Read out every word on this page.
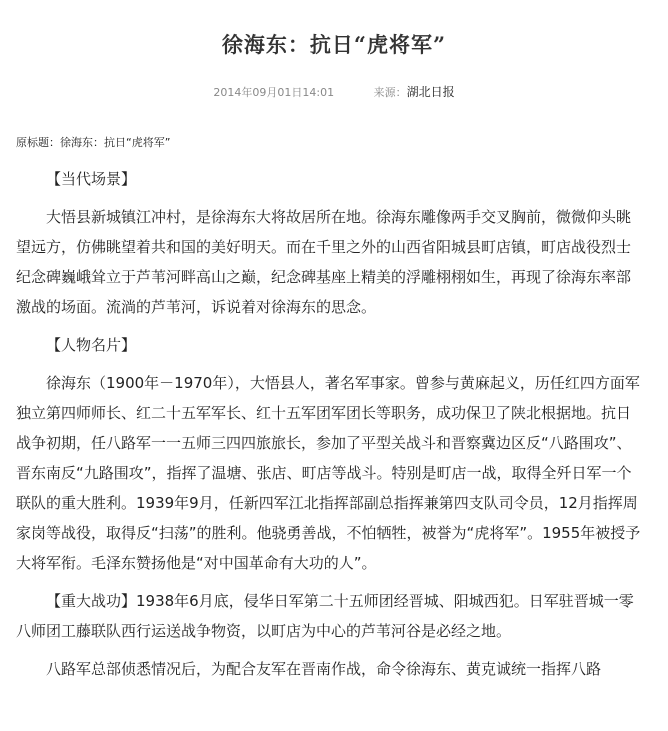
徐海东：抗日“虎将军”
2014年09月01日14:01	来源：湖北日报
原标题：徐海东：抗日“虎将军”

【当代场景】

大悟县新城镇江冲村，是徐海东大将故居所在地。徐海东雕像两手交叉胸前，微微仰头眺望远方，仿佛眺望着共和国的美好明天。而在千里之外的山西省阳城县町店镇，町店战役烈士纪念碑巍峨耸立于芦苇河畔高山之巅，纪念碑基座上精美的浮雕栩栩如生，再现了徐海东率部激战的场面。流淌的芦苇河，诉说着对徐海东的思念。

【人物名片】

徐海东（1900年－1970年），大悟县人，著名军事家。曾参与黄麻起义，历任红四方面军独立第四师师长、红二十五军军长、红十五军团军团长等职务，成功保卫了陕北根据地。抗日战争初期，任八路军一一五师三四四旅旅长，参加了平型关战斗和晋察冀边区反“八路围攻”、晋东南反“九路围攻”，指挥了温塘、张店、町店等战斗。特别是町店一战，取得全歼日军一个联队的重大胜利。1939年9月，任新四军江北指挥部副总指挥兼第四支队司令员，12月指挥周家岗等战役，取得反“扫荡”的胜利。他骁勇善战，不怕牺牲，被誉为“虎将军”。1955年被授予大将军衔。毛泽东赞扬他是“对中国革命有大功的人”。

【重大战功】1938年6月底，侵华日军第二十五师团经晋城、阳城西犯。日军驻晋城一零八师团工藤联队西行运送战争物资，以町店为中心的芦苇河谷是必经之地。

八路军总部侦悉情况后，为配合友军在晋南作战，命令徐海东、黄克诚统一指挥八路
